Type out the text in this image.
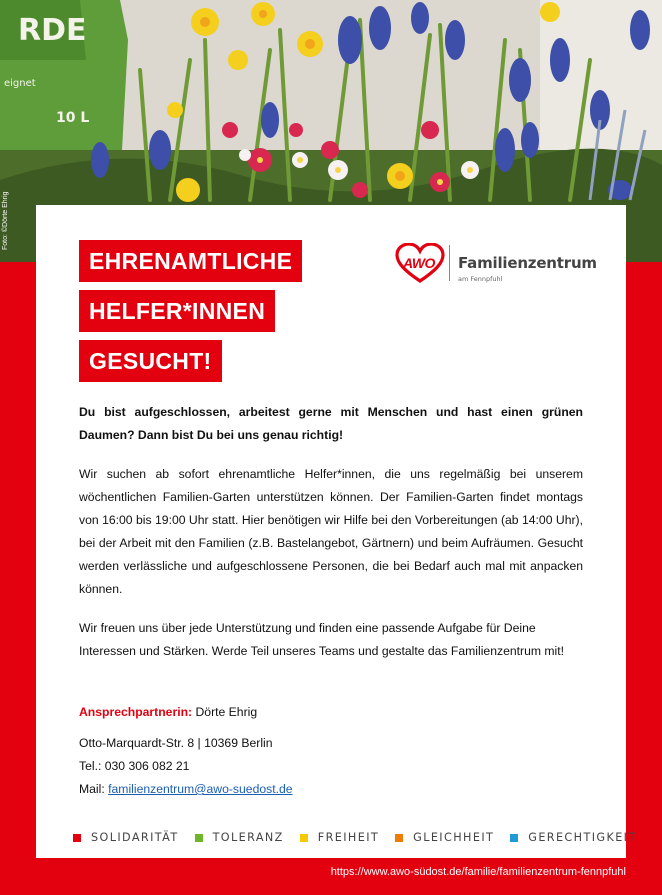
RDE
eignet
10 L
Foto: ©Dörte Ehrig
https://www.awo-südost.de/familie/familienzentrum-fennpfuhl
EHRENAMTLICHE
HELFER*INNEN
GESUCHT!
AWO Familienzentrum
am Fennpfuhl
Du bist aufgeschlossen, arbeitest gerne mit Menschen und hast einen grünen Daumen? Dann bist Du bei uns genau richtig!
Wir suchen ab sofort ehrenamtliche Helfer*innen, die uns regelmäßig bei unserem wöchentlichen Familien-Garten unterstützen können. Der Familien-Garten findet montags von 16:00 bis 19:00 Uhr statt. Hier benötigen wir Hilfe bei den Vorbereitungen (ab 14:00 Uhr), bei der Arbeit mit den Familien (z.B. Bastelangebot, Gärtnern) und beim Aufräumen. Gesucht werden verlässliche und aufgeschlossene Personen, die bei Bedarf auch mal mit anpacken können.
Wir freuen uns über jede Unterstützung und finden eine passende Aufgabe für Deine Interessen und Stärken. Werde Teil unseres Teams und gestalte das Familienzentrum mit!
Ansprechpartnerin: Dörte Ehrig
Otto-Marquardt-Str. 8 | 10369 Berlin
Tel.: 030 306 082 21
Mail: familienzentrum@awo-suedost.de
SOLIDARITÄT	TOLERANZ	FREIHEIT	GLEICHHEIT	GERECHTIGKEIT
